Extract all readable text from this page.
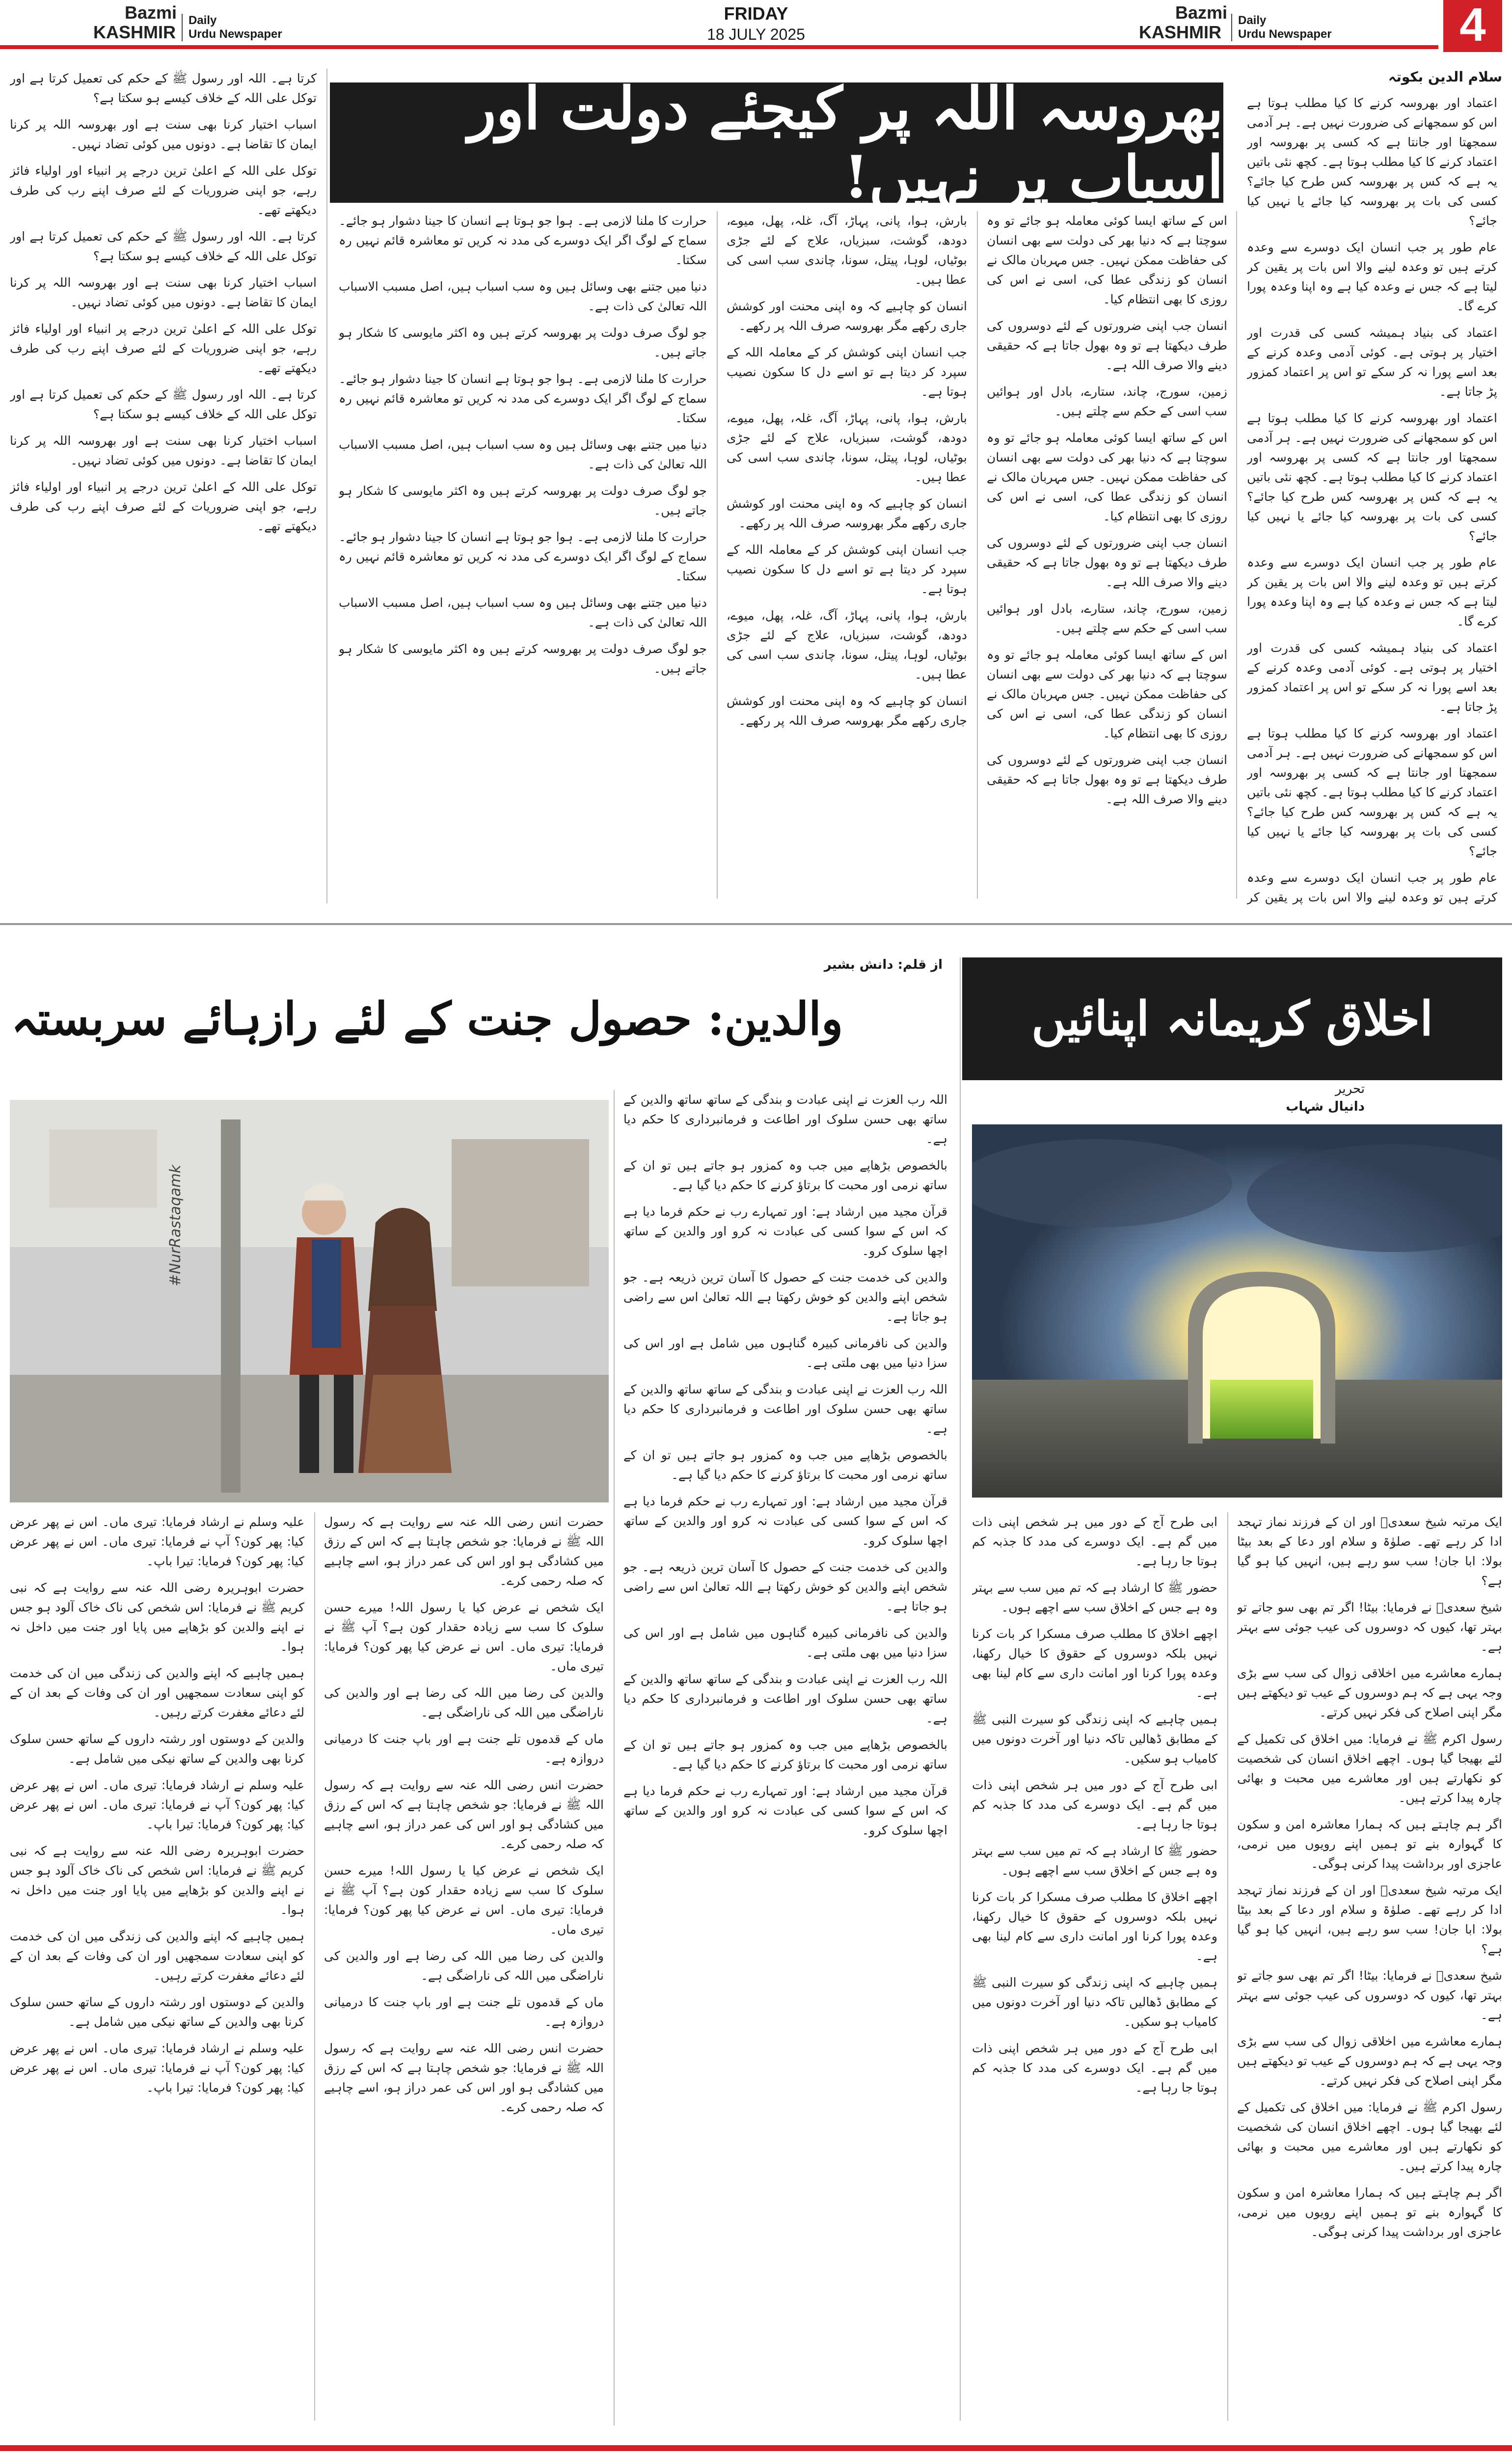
Bazmi
KASHMIR
Daily
Urdu Newspaper
FRIDAY
18 JULY 2025
Bazmi
KASHMIR
Daily
Urdu Newspaper	4
بھروسہ اللہ پر کیجئے دولت اور اسباب پر نہیں!
سلام الدین بکوتہ

اعتماد اور بھروسہ کرنے کا کیا مطلب ہوتا ہے اس کو سمجھانے کی ضرورت نہیں ہے۔ ہر آدمی سمجھتا اور جانتا ہے کہ کسی پر بھروسہ اور اعتماد کرنے کا کیا مطلب ہوتا ہے۔ کچھ نئی باتیں یہ ہے کہ کس پر بھروسہ کس طرح کیا جائے؟ کسی کی بات پر بھروسہ کیا جائے یا نہیں کیا جائے؟

عام طور پر جب انسان ایک دوسرے سے وعدہ کرتے ہیں تو وعدہ لینے والا اس بات پر یقین کر لیتا ہے کہ جس نے وعدہ کیا ہے وہ اپنا وعدہ پورا کرے گا۔

اعتماد کی بنیاد ہمیشہ کسی کی قدرت اور اختیار پر ہوتی ہے۔ کوئی آدمی وعدہ کرنے کے بعد اسے پورا نہ کر سکے تو اس پر اعتماد کمزور پڑ جاتا ہے۔

اعتماد اور بھروسہ کرنے کا کیا مطلب ہوتا ہے اس کو سمجھانے کی ضرورت نہیں ہے۔ ہر آدمی سمجھتا اور جانتا ہے کہ کسی پر بھروسہ اور اعتماد کرنے کا کیا مطلب ہوتا ہے۔ کچھ نئی باتیں یہ ہے کہ کس پر بھروسہ کس طرح کیا جائے؟ کسی کی بات پر بھروسہ کیا جائے یا نہیں کیا جائے؟

عام طور پر جب انسان ایک دوسرے سے وعدہ کرتے ہیں تو وعدہ لینے والا اس بات پر یقین کر لیتا ہے کہ جس نے وعدہ کیا ہے وہ اپنا وعدہ پورا کرے گا۔

اعتماد کی بنیاد ہمیشہ کسی کی قدرت اور اختیار پر ہوتی ہے۔ کوئی آدمی وعدہ کرنے کے بعد اسے پورا نہ کر سکے تو اس پر اعتماد کمزور پڑ جاتا ہے۔

اعتماد اور بھروسہ کرنے کا کیا مطلب ہوتا ہے اس کو سمجھانے کی ضرورت نہیں ہے۔ ہر آدمی سمجھتا اور جانتا ہے کہ کسی پر بھروسہ اور اعتماد کرنے کا کیا مطلب ہوتا ہے۔ کچھ نئی باتیں یہ ہے کہ کس پر بھروسہ کس طرح کیا جائے؟ کسی کی بات پر بھروسہ کیا جائے یا نہیں کیا جائے؟

عام طور پر جب انسان ایک دوسرے سے وعدہ کرتے ہیں تو وعدہ لینے والا اس بات پر یقین کر

اس کے ساتھ ایسا کوئی معاملہ ہو جائے تو وہ سوچتا ہے کہ دنیا بھر کی دولت سے بھی انسان کی حفاظت ممکن نہیں۔ جس مہربان مالک نے انسان کو زندگی عطا کی، اسی نے اس کی روزی کا بھی انتظام کیا۔

انسان جب اپنی ضرورتوں کے لئے دوسروں کی طرف دیکھتا ہے تو وہ بھول جاتا ہے کہ حقیقی دینے والا صرف اللہ ہے۔

زمین، سورج، چاند، ستارے، بادل اور ہوائیں سب اسی کے حکم سے چلتے ہیں۔

اس کے ساتھ ایسا کوئی معاملہ ہو جائے تو وہ سوچتا ہے کہ دنیا بھر کی دولت سے بھی انسان کی حفاظت ممکن نہیں۔ جس مہربان مالک نے انسان کو زندگی عطا کی، اسی نے اس کی روزی کا بھی انتظام کیا۔

انسان جب اپنی ضرورتوں کے لئے دوسروں کی طرف دیکھتا ہے تو وہ بھول جاتا ہے کہ حقیقی دینے والا صرف اللہ ہے۔

زمین، سورج، چاند، ستارے، بادل اور ہوائیں سب اسی کے حکم سے چلتے ہیں۔

اس کے ساتھ ایسا کوئی معاملہ ہو جائے تو وہ سوچتا ہے کہ دنیا بھر کی دولت سے بھی انسان کی حفاظت ممکن نہیں۔ جس مہربان مالک نے انسان کو زندگی عطا کی، اسی نے اس کی روزی کا بھی انتظام کیا۔

انسان جب اپنی ضرورتوں کے لئے دوسروں کی طرف دیکھتا ہے تو وہ بھول جاتا ہے کہ حقیقی دینے والا صرف اللہ ہے۔

بارش، ہوا، پانی، پہاڑ، آگ، غلہ، پھل، میوے، دودھ، گوشت، سبزیاں، علاج کے لئے جڑی بوٹیاں، لوہا، پیتل، سونا، چاندی سب اسی کی عطا ہیں۔

انسان کو چاہیے کہ وہ اپنی محنت اور کوشش جاری رکھے مگر بھروسہ صرف اللہ پر رکھے۔

جب انسان اپنی کوشش کر کے معاملہ اللہ کے سپرد کر دیتا ہے تو اسے دل کا سکون نصیب ہوتا ہے۔

بارش، ہوا، پانی، پہاڑ، آگ، غلہ، پھل، میوے، دودھ، گوشت، سبزیاں، علاج کے لئے جڑی بوٹیاں، لوہا، پیتل، سونا، چاندی سب اسی کی عطا ہیں۔

انسان کو چاہیے کہ وہ اپنی محنت اور کوشش جاری رکھے مگر بھروسہ صرف اللہ پر رکھے۔

جب انسان اپنی کوشش کر کے معاملہ اللہ کے سپرد کر دیتا ہے تو اسے دل کا سکون نصیب ہوتا ہے۔

بارش، ہوا، پانی، پہاڑ، آگ، غلہ، پھل، میوے، دودھ، گوشت، سبزیاں، علاج کے لئے جڑی بوٹیاں، لوہا، پیتل، سونا، چاندی سب اسی کی عطا ہیں۔

انسان کو چاہیے کہ وہ اپنی محنت اور کوشش جاری رکھے مگر بھروسہ صرف اللہ پر رکھے۔

حرارت کا ملنا لازمی ہے۔ ہوا جو ہوتا ہے انسان کا جینا دشوار ہو جائے۔ سماج کے لوگ اگر ایک دوسرے کی مدد نہ کریں تو معاشرہ قائم نہیں رہ سکتا۔

دنیا میں جتنے بھی وسائل ہیں وہ سب اسباب ہیں، اصل مسبب الاسباب اللہ تعالیٰ کی ذات ہے۔

جو لوگ صرف دولت پر بھروسہ کرتے ہیں وہ اکثر مایوسی کا شکار ہو جاتے ہیں۔

حرارت کا ملنا لازمی ہے۔ ہوا جو ہوتا ہے انسان کا جینا دشوار ہو جائے۔ سماج کے لوگ اگر ایک دوسرے کی مدد نہ کریں تو معاشرہ قائم نہیں رہ سکتا۔

دنیا میں جتنے بھی وسائل ہیں وہ سب اسباب ہیں، اصل مسبب الاسباب اللہ تعالیٰ کی ذات ہے۔

جو لوگ صرف دولت پر بھروسہ کرتے ہیں وہ اکثر مایوسی کا شکار ہو جاتے ہیں۔

حرارت کا ملنا لازمی ہے۔ ہوا جو ہوتا ہے انسان کا جینا دشوار ہو جائے۔ سماج کے لوگ اگر ایک دوسرے کی مدد نہ کریں تو معاشرہ قائم نہیں رہ سکتا۔

دنیا میں جتنے بھی وسائل ہیں وہ سب اسباب ہیں، اصل مسبب الاسباب اللہ تعالیٰ کی ذات ہے۔

جو لوگ صرف دولت پر بھروسہ کرتے ہیں وہ اکثر مایوسی کا شکار ہو جاتے ہیں۔

کرتا ہے۔ اللہ اور رسول ﷺ کے حکم کی تعمیل کرتا ہے اور توکل علی اللہ کے خلاف کیسے ہو سکتا ہے؟

اسباب اختیار کرنا بھی سنت ہے اور بھروسہ اللہ پر کرنا ایمان کا تقاضا ہے۔ دونوں میں کوئی تضاد نہیں۔

توکل علی اللہ کے اعلیٰ ترین درجے پر انبیاء اور اولیاء فائز رہے، جو اپنی ضروریات کے لئے صرف اپنے رب کی طرف دیکھتے تھے۔

کرتا ہے۔ اللہ اور رسول ﷺ کے حکم کی تعمیل کرتا ہے اور توکل علی اللہ کے خلاف کیسے ہو سکتا ہے؟

اسباب اختیار کرنا بھی سنت ہے اور بھروسہ اللہ پر کرنا ایمان کا تقاضا ہے۔ دونوں میں کوئی تضاد نہیں۔

توکل علی اللہ کے اعلیٰ ترین درجے پر انبیاء اور اولیاء فائز رہے، جو اپنی ضروریات کے لئے صرف اپنے رب کی طرف دیکھتے تھے۔

کرتا ہے۔ اللہ اور رسول ﷺ کے حکم کی تعمیل کرتا ہے اور توکل علی اللہ کے خلاف کیسے ہو سکتا ہے؟

اسباب اختیار کرنا بھی سنت ہے اور بھروسہ اللہ پر کرنا ایمان کا تقاضا ہے۔ دونوں میں کوئی تضاد نہیں۔

توکل علی اللہ کے اعلیٰ ترین درجے پر انبیاء اور اولیاء فائز رہے، جو اپنی ضروریات کے لئے صرف اپنے رب کی طرف دیکھتے تھے۔

اخلاق کریمانہ اپنائیں
تحریر
دانیال شہاب

ایک مرتبہ شیخ سعدیؒ اور ان کے فرزند نماز تہجد ادا کر رہے تھے۔ صلوٰۃ و سلام اور دعا کے بعد بیٹا بولا: ابا جان! سب سو رہے ہیں، انہیں کیا ہو گیا ہے؟

شیخ سعدیؒ نے فرمایا: بیٹا! اگر تم بھی سو جاتے تو بہتر تھا، کیوں کہ دوسروں کی عیب جوئی سے بہتر ہے۔

ہمارے معاشرے میں اخلاقی زوال کی سب سے بڑی وجہ یہی ہے کہ ہم دوسروں کے عیب تو دیکھتے ہیں مگر اپنی اصلاح کی فکر نہیں کرتے۔

رسول اکرم ﷺ نے فرمایا: میں اخلاق کی تکمیل کے لئے بھیجا گیا ہوں۔ اچھے اخلاق انسان کی شخصیت کو نکھارتے ہیں اور معاشرے میں محبت و بھائی چارہ پیدا کرتے ہیں۔

اگر ہم چاہتے ہیں کہ ہمارا معاشرہ امن و سکون کا گہوارہ بنے تو ہمیں اپنے رویوں میں نرمی، عاجزی اور برداشت پیدا کرنی ہوگی۔

ایک مرتبہ شیخ سعدیؒ اور ان کے فرزند نماز تہجد ادا کر رہے تھے۔ صلوٰۃ و سلام اور دعا کے بعد بیٹا بولا: ابا جان! سب سو رہے ہیں، انہیں کیا ہو گیا ہے؟

شیخ سعدیؒ نے فرمایا: بیٹا! اگر تم بھی سو جاتے تو بہتر تھا، کیوں کہ دوسروں کی عیب جوئی سے بہتر ہے۔

ہمارے معاشرے میں اخلاقی زوال کی سب سے بڑی وجہ یہی ہے کہ ہم دوسروں کے عیب تو دیکھتے ہیں مگر اپنی اصلاح کی فکر نہیں کرتے۔

رسول اکرم ﷺ نے فرمایا: میں اخلاق کی تکمیل کے لئے بھیجا گیا ہوں۔ اچھے اخلاق انسان کی شخصیت کو نکھارتے ہیں اور معاشرے میں محبت و بھائی چارہ پیدا کرتے ہیں۔

اگر ہم چاہتے ہیں کہ ہمارا معاشرہ امن و سکون کا گہوارہ بنے تو ہمیں اپنے رویوں میں نرمی، عاجزی اور برداشت پیدا کرنی ہوگی۔

ابی طرح آج کے دور میں ہر شخص اپنی ذات میں گم ہے۔ ایک دوسرے کی مدد کا جذبہ کم ہوتا جا رہا ہے۔

حضور ﷺ کا ارشاد ہے کہ تم میں سب سے بہتر وہ ہے جس کے اخلاق سب سے اچھے ہوں۔

اچھے اخلاق کا مطلب صرف مسکرا کر بات کرنا نہیں بلکہ دوسروں کے حقوق کا خیال رکھنا، وعدہ پورا کرنا اور امانت داری سے کام لینا بھی ہے۔

ہمیں چاہیے کہ اپنی زندگی کو سیرت النبی ﷺ کے مطابق ڈھالیں تاکہ دنیا اور آخرت دونوں میں کامیاب ہو سکیں۔

ابی طرح آج کے دور میں ہر شخص اپنی ذات میں گم ہے۔ ایک دوسرے کی مدد کا جذبہ کم ہوتا جا رہا ہے۔

حضور ﷺ کا ارشاد ہے کہ تم میں سب سے بہتر وہ ہے جس کے اخلاق سب سے اچھے ہوں۔

اچھے اخلاق کا مطلب صرف مسکرا کر بات کرنا نہیں بلکہ دوسروں کے حقوق کا خیال رکھنا، وعدہ پورا کرنا اور امانت داری سے کام لینا بھی ہے۔

ہمیں چاہیے کہ اپنی زندگی کو سیرت النبی ﷺ کے مطابق ڈھالیں تاکہ دنیا اور آخرت دونوں میں کامیاب ہو سکیں۔

ابی طرح آج کے دور میں ہر شخص اپنی ذات میں گم ہے۔ ایک دوسرے کی مدد کا جذبہ کم ہوتا جا رہا ہے۔

والدین: حصول جنت کے لئے رازہائے سربستہ
از قلم: دانش بشیر
#NurRastaqamk

اللہ رب العزت نے اپنی عبادت و بندگی کے ساتھ ساتھ والدین کے ساتھ بھی حسن سلوک اور اطاعت و فرمانبرداری کا حکم دیا ہے۔

بالخصوص بڑھاپے میں جب وہ کمزور ہو جاتے ہیں تو ان کے ساتھ نرمی اور محبت کا برتاؤ کرنے کا حکم دیا گیا ہے۔

قرآن مجید میں ارشاد ہے: اور تمہارے رب نے حکم فرما دیا ہے کہ اس کے سوا کسی کی عبادت نہ کرو اور والدین کے ساتھ اچھا سلوک کرو۔

والدین کی خدمت جنت کے حصول کا آسان ترین ذریعہ ہے۔ جو شخص اپنے والدین کو خوش رکھتا ہے اللہ تعالیٰ اس سے راضی ہو جاتا ہے۔

والدین کی نافرمانی کبیرہ گناہوں میں شامل ہے اور اس کی سزا دنیا میں بھی ملتی ہے۔

اللہ رب العزت نے اپنی عبادت و بندگی کے ساتھ ساتھ والدین کے ساتھ بھی حسن سلوک اور اطاعت و فرمانبرداری کا حکم دیا ہے۔

بالخصوص بڑھاپے میں جب وہ کمزور ہو جاتے ہیں تو ان کے ساتھ نرمی اور محبت کا برتاؤ کرنے کا حکم دیا گیا ہے۔

قرآن مجید میں ارشاد ہے: اور تمہارے رب نے حکم فرما دیا ہے کہ اس کے سوا کسی کی عبادت نہ کرو اور والدین کے ساتھ اچھا سلوک کرو۔

والدین کی خدمت جنت کے حصول کا آسان ترین ذریعہ ہے۔ جو شخص اپنے والدین کو خوش رکھتا ہے اللہ تعالیٰ اس سے راضی ہو جاتا ہے۔

والدین کی نافرمانی کبیرہ گناہوں میں شامل ہے اور اس کی سزا دنیا میں بھی ملتی ہے۔

اللہ رب العزت نے اپنی عبادت و بندگی کے ساتھ ساتھ والدین کے ساتھ بھی حسن سلوک اور اطاعت و فرمانبرداری کا حکم دیا ہے۔

بالخصوص بڑھاپے میں جب وہ کمزور ہو جاتے ہیں تو ان کے ساتھ نرمی اور محبت کا برتاؤ کرنے کا حکم دیا گیا ہے۔

قرآن مجید میں ارشاد ہے: اور تمہارے رب نے حکم فرما دیا ہے کہ اس کے سوا کسی کی عبادت نہ کرو اور والدین کے ساتھ اچھا سلوک کرو۔

حضرت انس رضی اللہ عنہ سے روایت ہے کہ رسول اللہ ﷺ نے فرمایا: جو شخص چاہتا ہے کہ اس کے رزق میں کشادگی ہو اور اس کی عمر دراز ہو، اسے چاہیے کہ صلہ رحمی کرے۔

ایک شخص نے عرض کیا یا رسول اللہ! میرے حسن سلوک کا سب سے زیادہ حقدار کون ہے؟ آپ ﷺ نے فرمایا: تیری ماں۔ اس نے عرض کیا پھر کون؟ فرمایا: تیری ماں۔

والدین کی رضا میں اللہ کی رضا ہے اور والدین کی ناراضگی میں اللہ کی ناراضگی ہے۔

ماں کے قدموں تلے جنت ہے اور باپ جنت کا درمیانی دروازہ ہے۔

حضرت انس رضی اللہ عنہ سے روایت ہے کہ رسول اللہ ﷺ نے فرمایا: جو شخص چاہتا ہے کہ اس کے رزق میں کشادگی ہو اور اس کی عمر دراز ہو، اسے چاہیے کہ صلہ رحمی کرے۔

ایک شخص نے عرض کیا یا رسول اللہ! میرے حسن سلوک کا سب سے زیادہ حقدار کون ہے؟ آپ ﷺ نے فرمایا: تیری ماں۔ اس نے عرض کیا پھر کون؟ فرمایا: تیری ماں۔

والدین کی رضا میں اللہ کی رضا ہے اور والدین کی ناراضگی میں اللہ کی ناراضگی ہے۔

ماں کے قدموں تلے جنت ہے اور باپ جنت کا درمیانی دروازہ ہے۔

حضرت انس رضی اللہ عنہ سے روایت ہے کہ رسول اللہ ﷺ نے فرمایا: جو شخص چاہتا ہے کہ اس کے رزق میں کشادگی ہو اور اس کی عمر دراز ہو، اسے چاہیے کہ صلہ رحمی کرے۔

علیہ وسلم نے ارشاد فرمایا: تیری ماں۔ اس نے پھر عرض کیا: پھر کون؟ آپ نے فرمایا: تیری ماں۔ اس نے پھر عرض کیا: پھر کون؟ فرمایا: تیرا باپ۔

حضرت ابوہریرہ رضی اللہ عنہ سے روایت ہے کہ نبی کریم ﷺ نے فرمایا: اس شخص کی ناک خاک آلود ہو جس نے اپنے والدین کو بڑھاپے میں پایا اور جنت میں داخل نہ ہوا۔

ہمیں چاہیے کہ اپنے والدین کی زندگی میں ان کی خدمت کو اپنی سعادت سمجھیں اور ان کی وفات کے بعد ان کے لئے دعائے مغفرت کرتے رہیں۔

والدین کے دوستوں اور رشتہ داروں کے ساتھ حسن سلوک کرنا بھی والدین کے ساتھ نیکی میں شامل ہے۔

علیہ وسلم نے ارشاد فرمایا: تیری ماں۔ اس نے پھر عرض کیا: پھر کون؟ آپ نے فرمایا: تیری ماں۔ اس نے پھر عرض کیا: پھر کون؟ فرمایا: تیرا باپ۔

حضرت ابوہریرہ رضی اللہ عنہ سے روایت ہے کہ نبی کریم ﷺ نے فرمایا: اس شخص کی ناک خاک آلود ہو جس نے اپنے والدین کو بڑھاپے میں پایا اور جنت میں داخل نہ ہوا۔

ہمیں چاہیے کہ اپنے والدین کی زندگی میں ان کی خدمت کو اپنی سعادت سمجھیں اور ان کی وفات کے بعد ان کے لئے دعائے مغفرت کرتے رہیں۔

والدین کے دوستوں اور رشتہ داروں کے ساتھ حسن سلوک کرنا بھی والدین کے ساتھ نیکی میں شامل ہے۔

علیہ وسلم نے ارشاد فرمایا: تیری ماں۔ اس نے پھر عرض کیا: پھر کون؟ آپ نے فرمایا: تیری ماں۔ اس نے پھر عرض کیا: پھر کون؟ فرمایا: تیرا باپ۔
